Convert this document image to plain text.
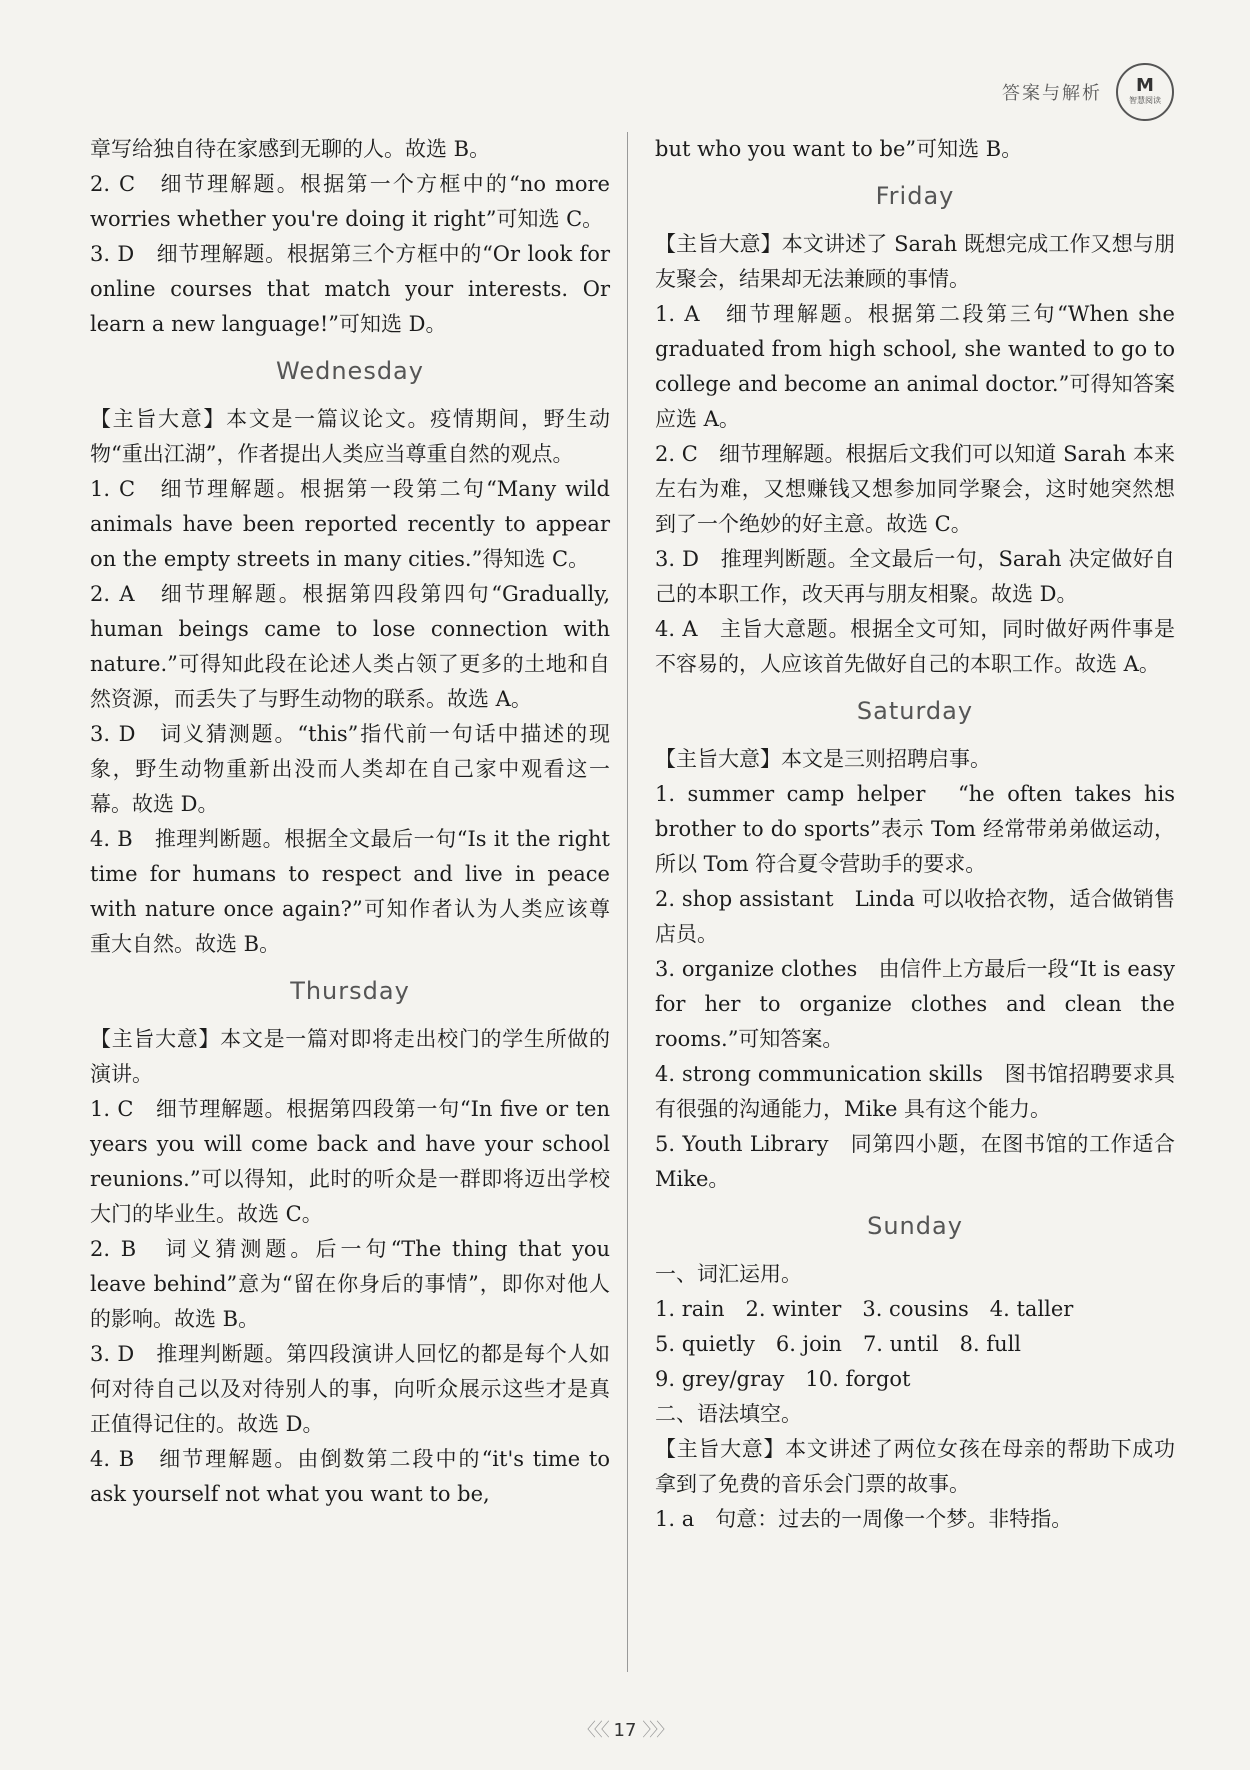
答案与解析 M
智慧阅读

章写给独自待在家感到无聊的人。故选 B。

2. C　细节理解题。根据第一个方框中的“no more worries whether you're doing it right”可知选 C。

3. D　细节理解题。根据第三个方框中的“Or look for online courses that match your interests. Or learn a new language!”可知选 D。

Wednesday

【主旨大意】本文是一篇议论文。疫情期间，野生动物“重出江湖”，作者提出人类应当尊重自然的观点。

1. C　细节理解题。根据第一段第二句“Many wild animals have been reported recently to appear on the empty streets in many cities.”得知选 C。

2. A　细节理解题。根据第四段第四句“Gradually, human beings came to lose connection with nature.”可得知此段在论述人类占领了更多的土地和自然资源，而丢失了与野生动物的联系。故选 A。

3. D　词义猜测题。“this”指代前一句话中描述的现象，野生动物重新出没而人类却在自己家中观看这一幕。故选 D。

4. B　推理判断题。根据全文最后一句“Is it the right time for humans to respect and live in peace with nature once again?”可知作者认为人类应该尊重大自然。故选 B。

Thursday

【主旨大意】本文是一篇对即将走出校门的学生所做的演讲。

1. C　细节理解题。根据第四段第一句“In five or ten years you will come back and have your school reunions.”可以得知，此时的听众是一群即将迈出学校大门的毕业生。故选 C。

2. B　词义猜测题。后一句“The thing that you leave behind”意为“留在你身后的事情”，即你对他人的影响。故选 B。

3. D　推理判断题。第四段演讲人回忆的都是每个人如何对待自己以及对待别人的事，向听众展示这些才是真正值得记住的。故选 D。

4. B　细节理解题。由倒数第二段中的“it's time to ask yourself not what you want to be,

but who you want to be”可知选 B。

Friday

【主旨大意】本文讲述了 Sarah 既想完成工作又想与朋友聚会，结果却无法兼顾的事情。

1. A　细节理解题。根据第二段第三句“When she graduated from high school, she wanted to go to college and become an animal doctor.”可得知答案应选 A。

2. C　细节理解题。根据后文我们可以知道 Sarah 本来左右为难，又想赚钱又想参加同学聚会，这时她突然想到了一个绝妙的好主意。故选 C。

3. D　推理判断题。全文最后一句，Sarah 决定做好自己的本职工作，改天再与朋友相聚。故选 D。

4. A　主旨大意题。根据全文可知，同时做好两件事是不容易的，人应该首先做好自己的本职工作。故选 A。

Saturday

【主旨大意】本文是三则招聘启事。

1. summer camp helper　“he often takes his brother to do sports”表示 Tom 经常带弟弟做运动，所以 Tom 符合夏令营助手的要求。

2. shop assistant　Linda 可以收拾衣物，适合做销售店员。

3. organize clothes　由信件上方最后一段“It is easy for her to organize clothes and clean the rooms.”可知答案。

4. strong communication skills　图书馆招聘要求具有很强的沟通能力，Mike 具有这个能力。

5. Youth Library　同第四小题，在图书馆的工作适合 Mike。

Sunday

一、词汇运用。

1. rain　2. winter　3. cousins　4. taller

5. quietly　6. join　7. until　8. full

9. grey/gray　10. forgot

二、语法填空。

【主旨大意】本文讲述了两位女孩在母亲的帮助下成功拿到了免费的音乐会门票的故事。

1. a　句意：过去的一周像一个梦。非特指。

〈〈〈 17 〉〉〉
